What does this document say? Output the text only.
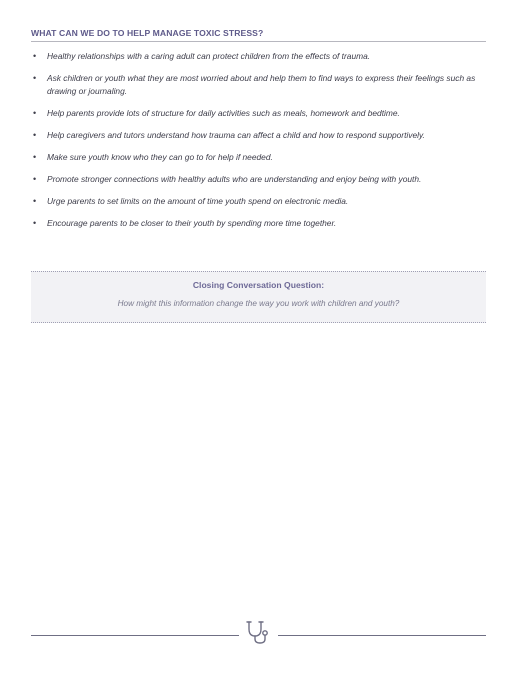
WHAT CAN WE DO TO HELP MANAGE TOXIC STRESS?
• Healthy relationships with a caring adult can protect children from the effects of trauma.
• Ask children or youth what they are most worried about and help them to find ways to express their feelings such as drawing or journaling.
• Help parents provide lots of structure for daily activities such as meals, homework and bedtime.
• Help caregivers and tutors understand how trauma can affect a child and how to respond supportively.
• Make sure youth know who they can go to for help if needed.
• Promote stronger connections with healthy adults who are understanding and enjoy being with youth.
• Urge parents to set limits on the amount of time youth spend on electronic media.
• Encourage parents to be closer to their youth by spending more time together.
Closing Conversation Question:
How might this information change the way you work with children and youth?
